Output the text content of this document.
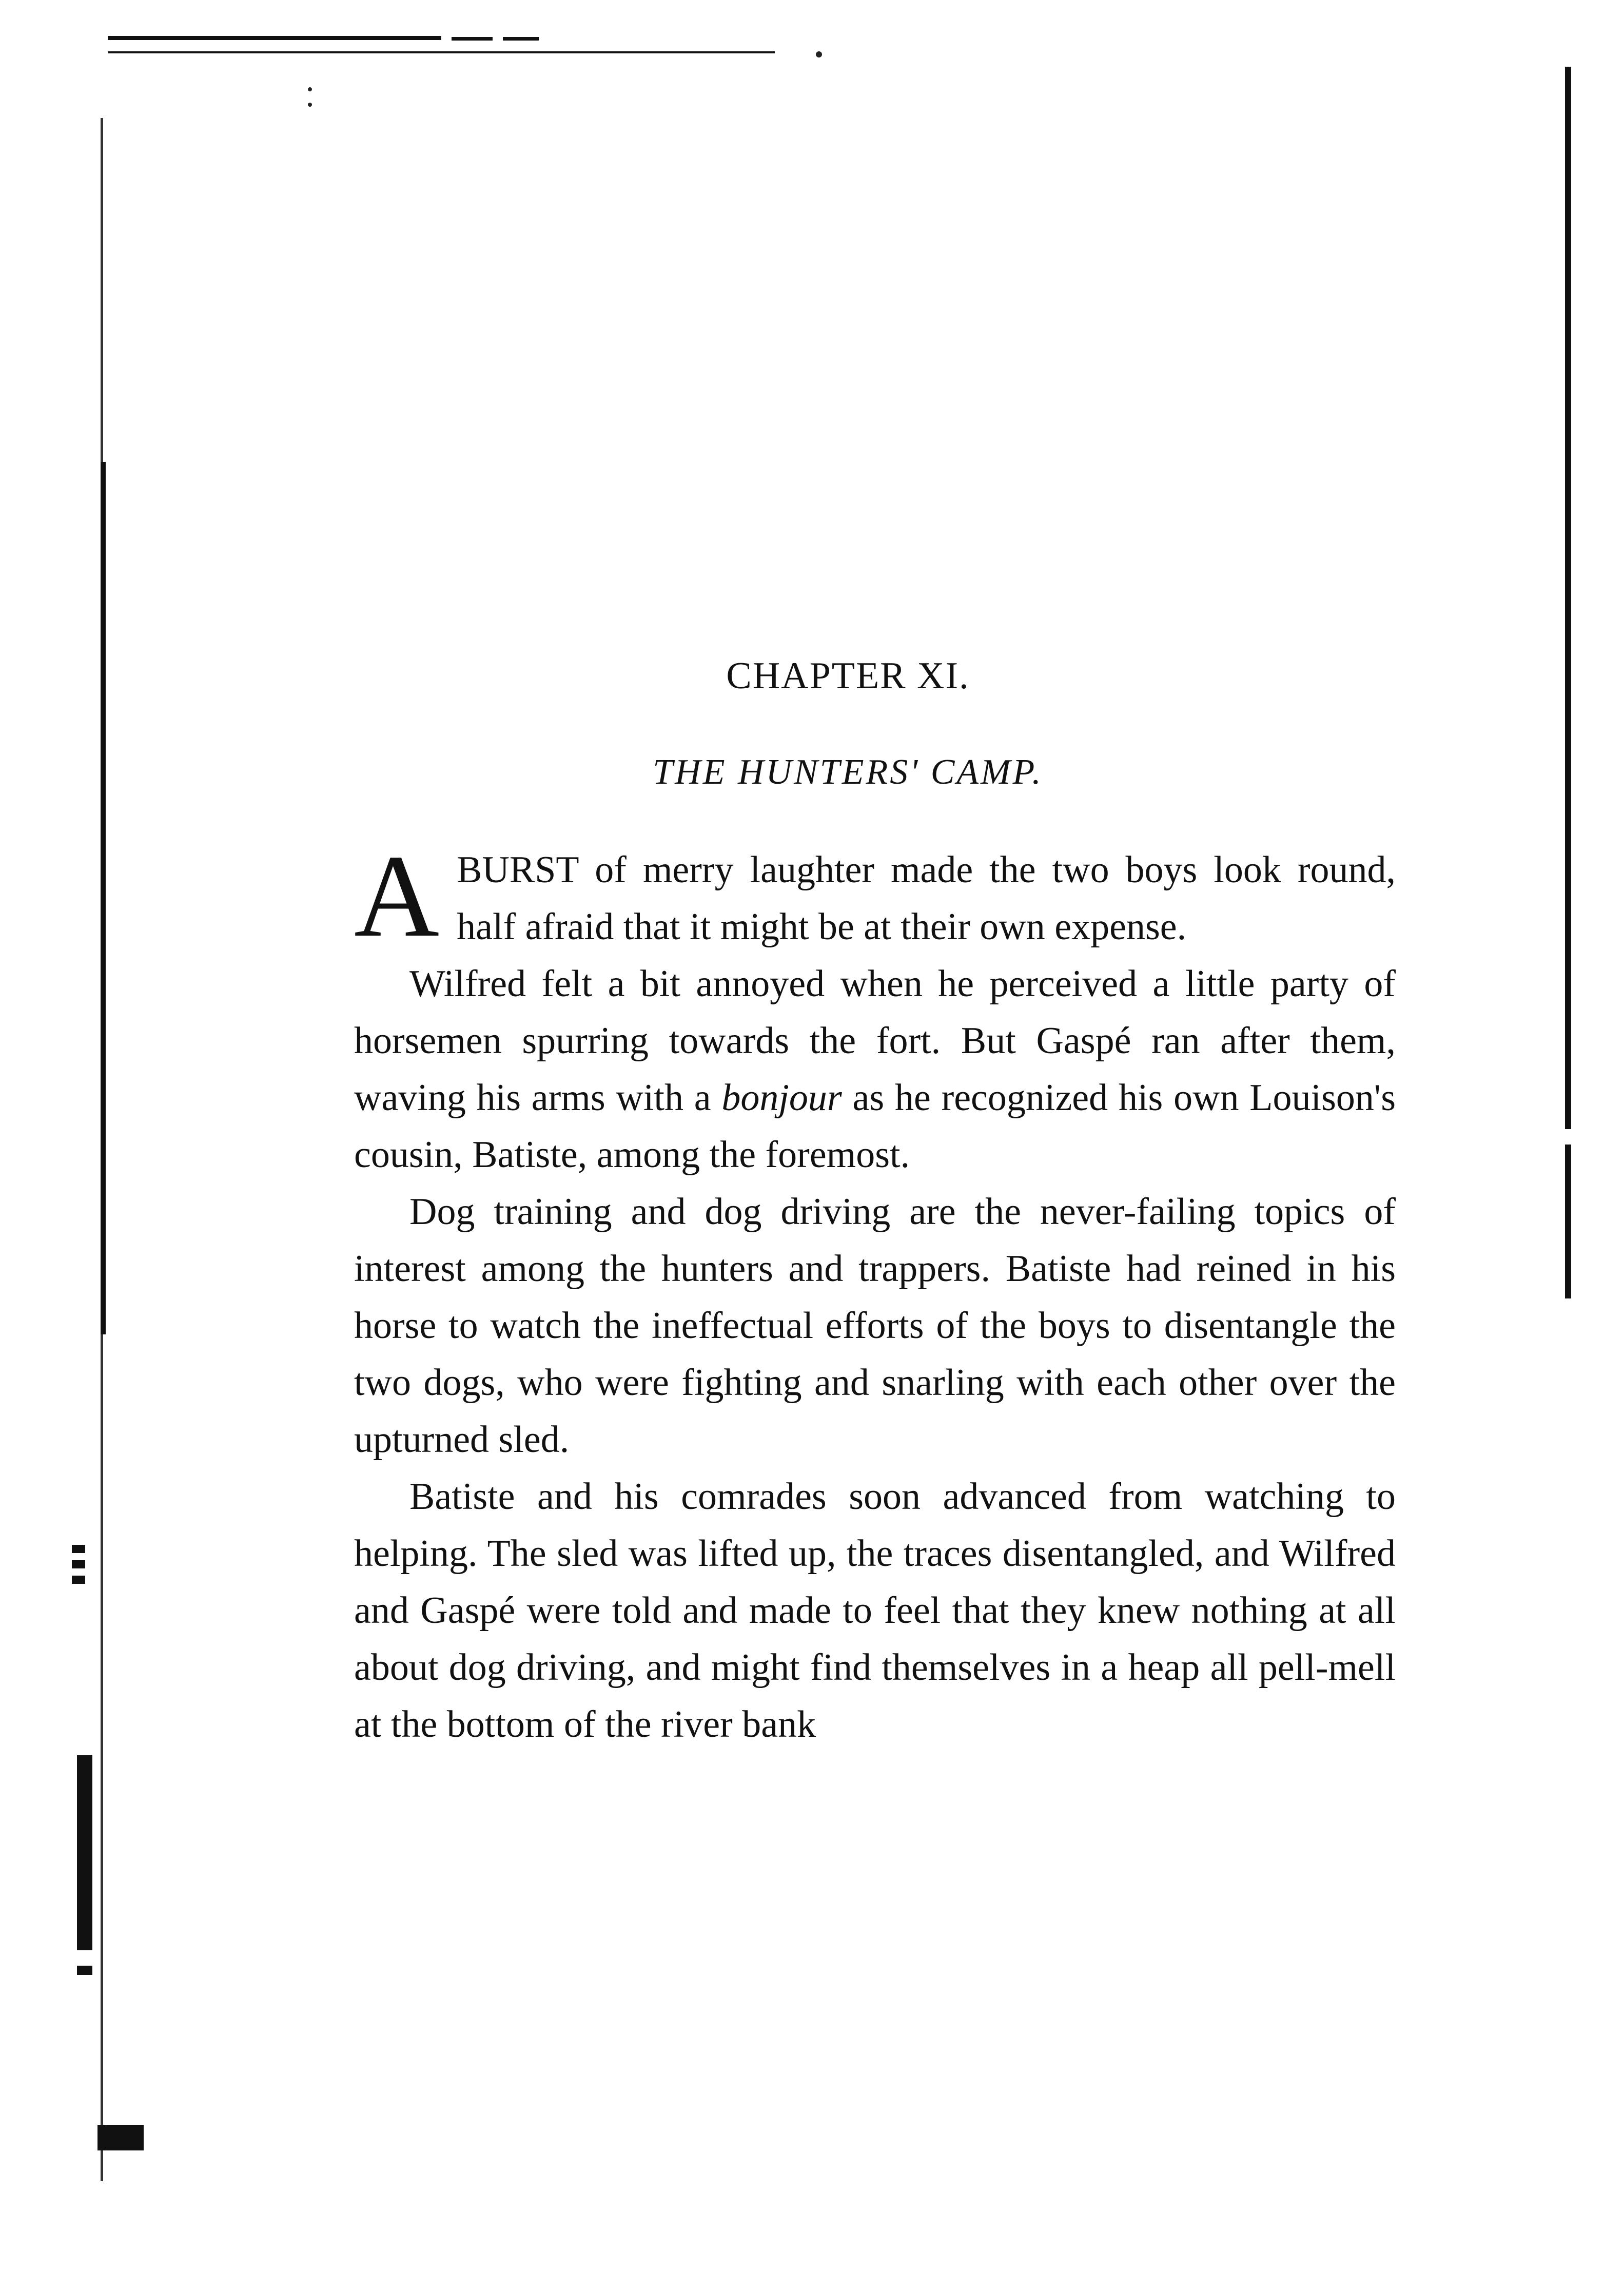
CHAPTER XI.
THE HUNTERS' CAMP.

ABURST of merry laughter made the two boys look round, half afraid that it might be at their own expense.

Wilfred felt a bit annoyed when he perceived a little party of horsemen spurring towards the fort. But Gaspé ran after them, waving his arms with a bonjour as he recognized his own Louison's cousin, Batiste, among the foremost.

Dog training and dog driving are the never-failing topics of interest among the hunters and trappers. Batiste had reined in his horse to watch the ineffectual efforts of the boys to disentangle the two dogs, who were fighting and snarling with each other over the upturned sled.

Batiste and his comrades soon advanced from watching to helping. The sled was lifted up, the traces disentangled, and Wilfred and Gaspé were told and made to feel that they knew nothing at all about dog driving, and might find themselves in a heap all pell-mell at the bottom of the river bank
